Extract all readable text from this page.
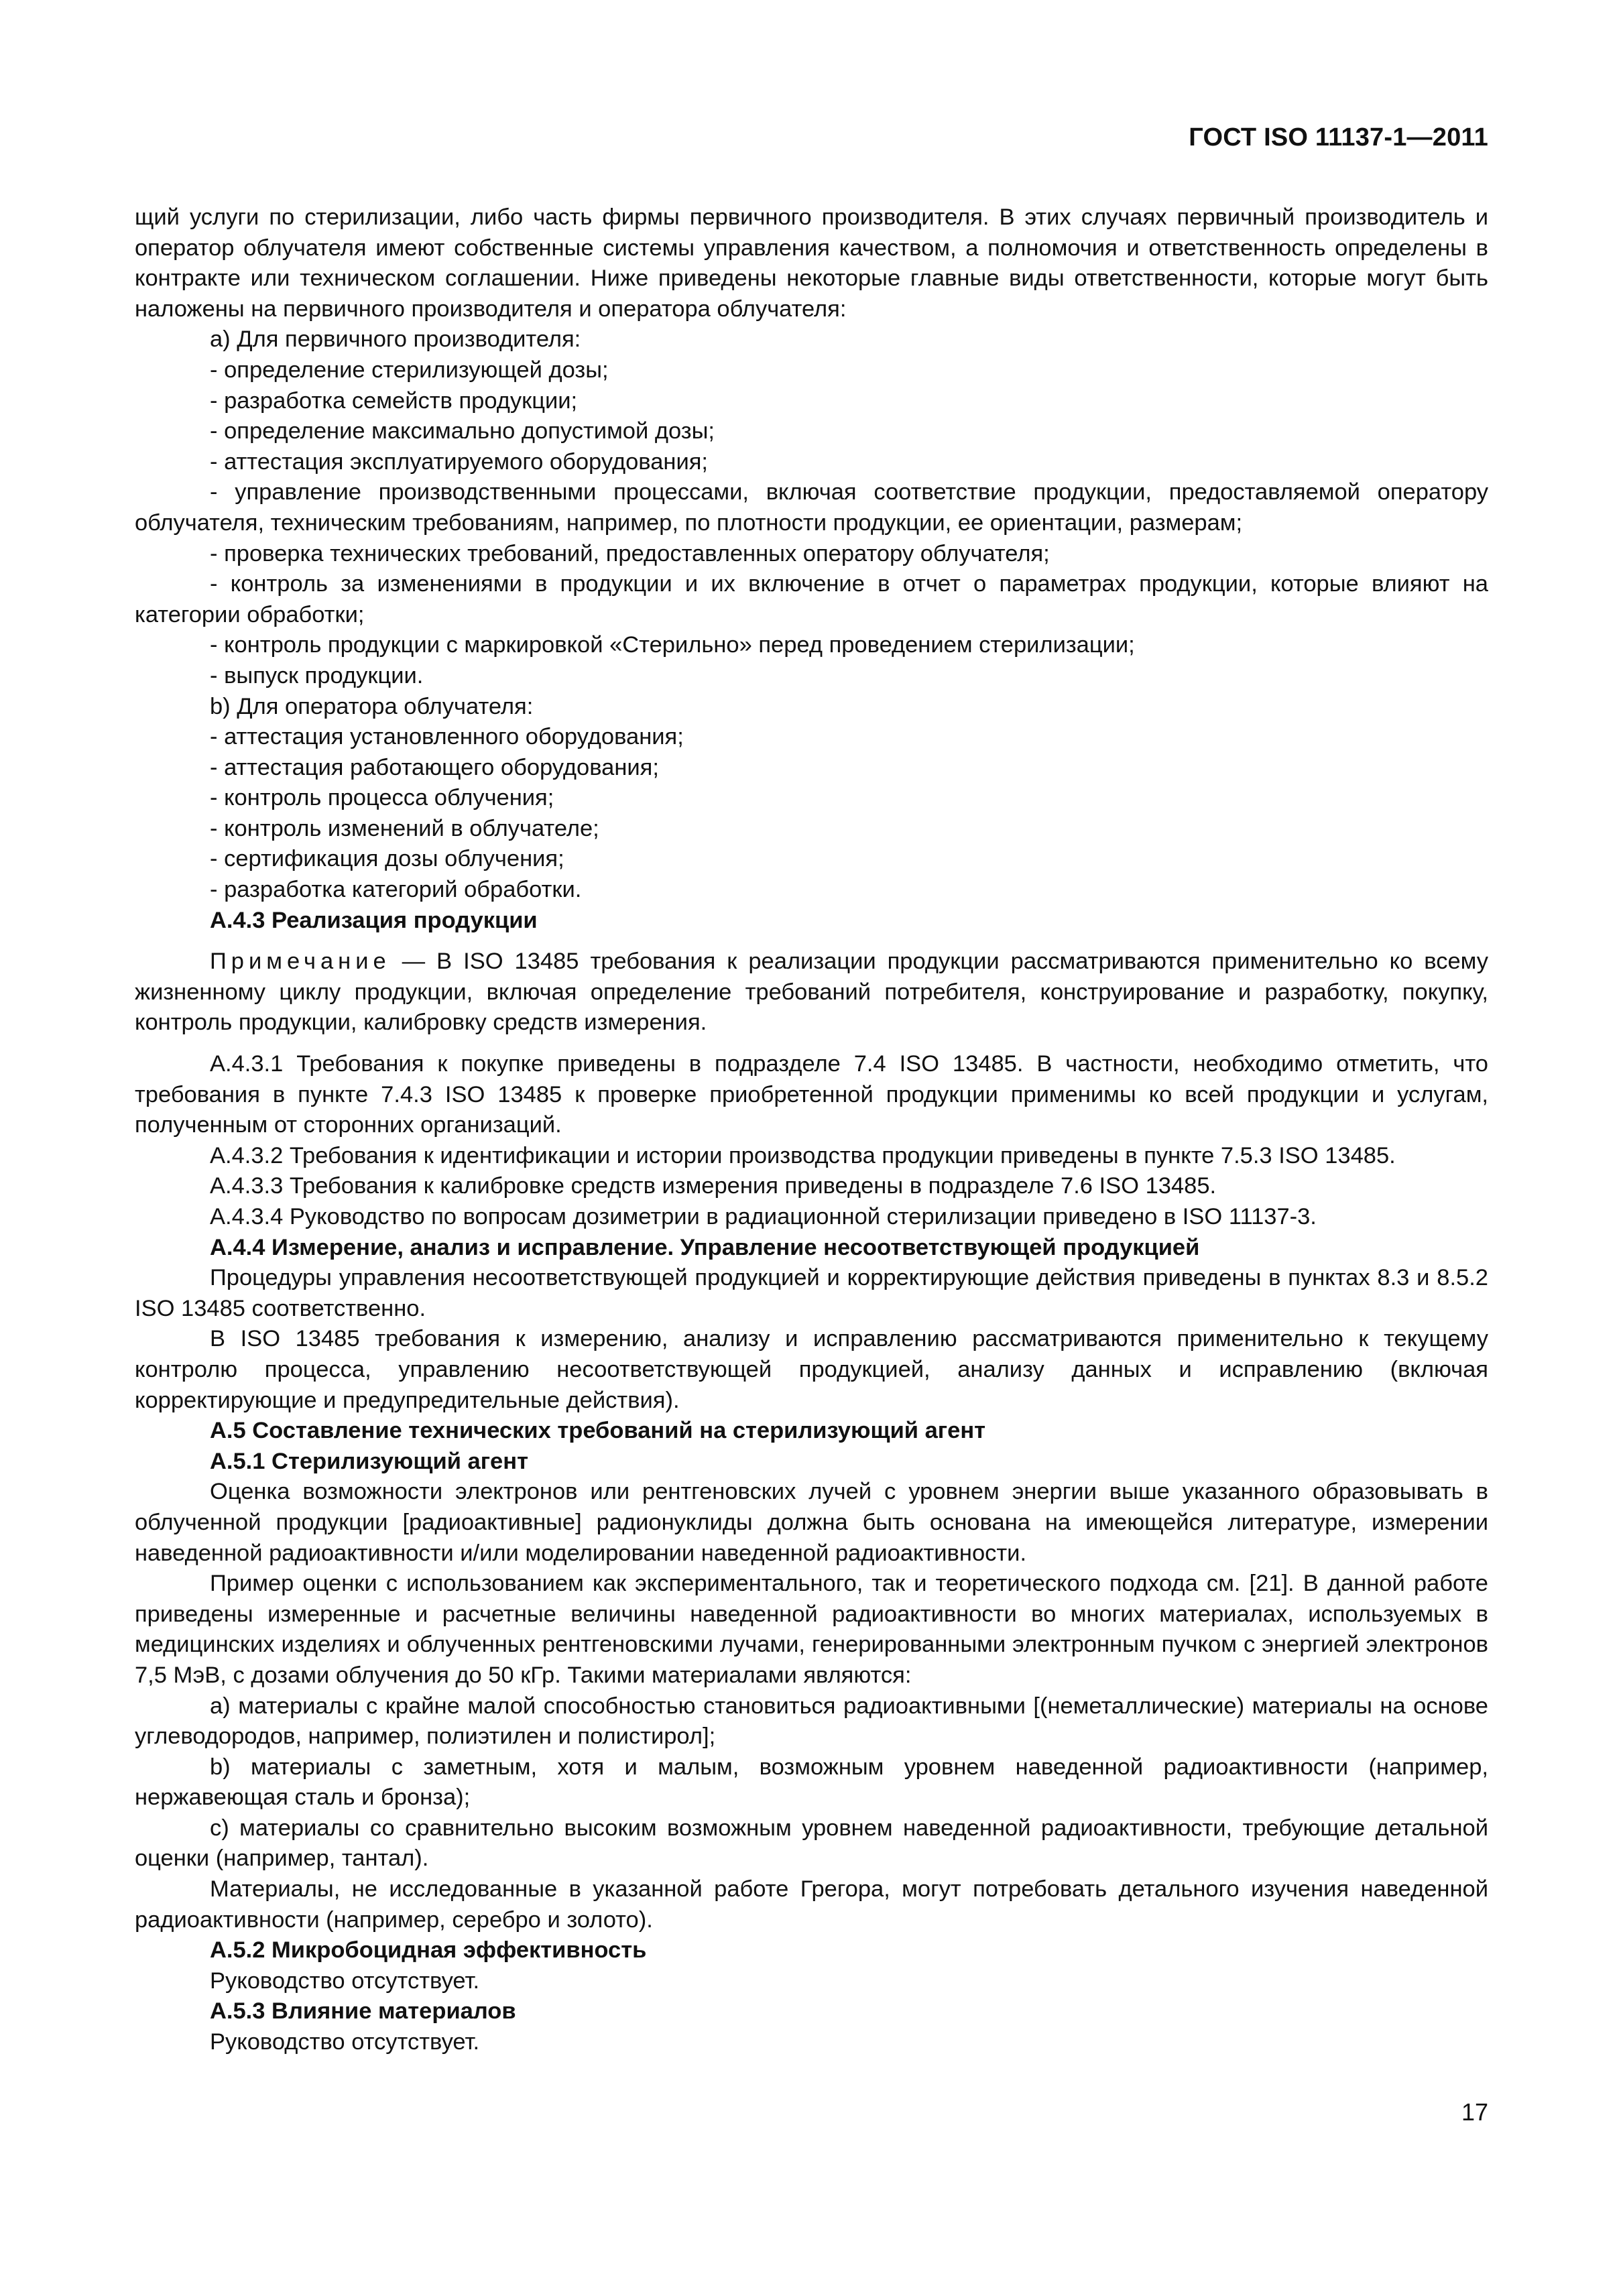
ГОСТ ISO 11137-1—2011

щий услуги по стерилизации, либо часть фирмы первичного производителя. В этих случаях первичный производитель и оператор облучателя имеют собственные системы управления качеством, а полномочия и ответственность определены в контракте или техническом соглашении. Ниже приведены некоторые главные виды ответственности, которые могут быть наложены на первичного производителя и оператора облучателя:

а) Для первичного производителя:

- определение стерилизующей дозы;

- разработка семейств продукции;

- определение максимально допустимой дозы;

- аттестация эксплуатируемого оборудования;

- управление производственными процессами, включая соответствие продукции, предоставляемой оператору облучателя, техническим требованиям, например, по плотности продукции, ее ориентации, размерам;

- проверка технических требований, предоставленных оператору облучателя;

- контроль за изменениями в продукции и их включение в отчет о параметрах продукции, которые влияют на категории обработки;

- контроль продукции с маркировкой «Стерильно» перед проведением стерилизации;

- выпуск продукции.

b) Для оператора облучателя:

- аттестация установленного оборудования;

- аттестация работающего оборудования;

- контроль процесса облучения;

- контроль изменений в облучателе;

- сертификация дозы облучения;

- разработка категорий обработки.

А.4.3 Реализация продукции

Примечание — В ISO 13485 требования к реализации продукции рассматриваются применительно ко всему жизненному циклу продукции, включая определение требований потребителя, конструирование и разработку, покупку, контроль продукции, калибровку средств измерения.

А.4.3.1 Требования к покупке приведены в подразделе 7.4 ISO 13485. В частности, необходимо отметить, что требования в пункте 7.4.3 ISO 13485 к проверке приобретенной продукции применимы ко всей продукции и услугам, полученным от сторонних организаций.

А.4.3.2 Требования к идентификации и истории производства продукции приведены в пункте 7.5.3 ISO 13485.

А.4.3.3 Требования к калибровке средств измерения приведены в подразделе 7.6 ISO 13485.

А.4.3.4 Руководство по вопросам дозиметрии в радиационной стерилизации приведено в ISO 11137-3.

А.4.4 Измерение, анализ и исправление. Управление несоответствующей продукцией

Процедуры управления несоответствующей продукцией и корректирующие действия приведены в пунктах 8.3 и 8.5.2 ISO 13485 соответственно.

В ISO 13485 требования к измерению, анализу и исправлению рассматриваются применительно к текущему контролю процесса, управлению несоответствующей продукцией, анализу данных и исправлению (включая корректирующие и предупредительные действия).

А.5 Составление технических требований на стерилизующий агент

А.5.1 Стерилизующий агент

Оценка возможности электронов или рентгеновских лучей с уровнем энергии выше указанного образовывать в облученной продукции [радиоактивные] радионуклиды должна быть основана на имеющейся литературе, измерении наведенной радиоактивности и/или моделировании наведенной радиоактивности.

Пример оценки с использованием как экспериментального, так и теоретического подхода см. [21]. В данной работе приведены измеренные и расчетные величины наведенной радиоактивности во многих материалах, используемых в медицинских изделиях и облученных рентгеновскими лучами, генерированными электронным пучком с энергией электронов 7,5 МэВ, с дозами облучения до 50 кГр. Такими материалами являются:

а) материалы с крайне малой способностью становиться радиоактивными [(неметаллические) материалы на основе углеводородов, например, полиэтилен и полистирол];

b) материалы с заметным, хотя и малым, возможным уровнем наведенной радиоактивности (например, нержавеющая сталь и бронза);

с) материалы со сравнительно высоким возможным уровнем наведенной радиоактивности, требующие детальной оценки (например, тантал).

Материалы, не исследованные в указанной работе Грегора, могут потребовать детального изучения наведенной радиоактивности (например, серебро и золото).

А.5.2 Микробоцидная эффективность

Руководство отсутствует.

А.5.3 Влияние материалов

Руководство отсутствует.

17
